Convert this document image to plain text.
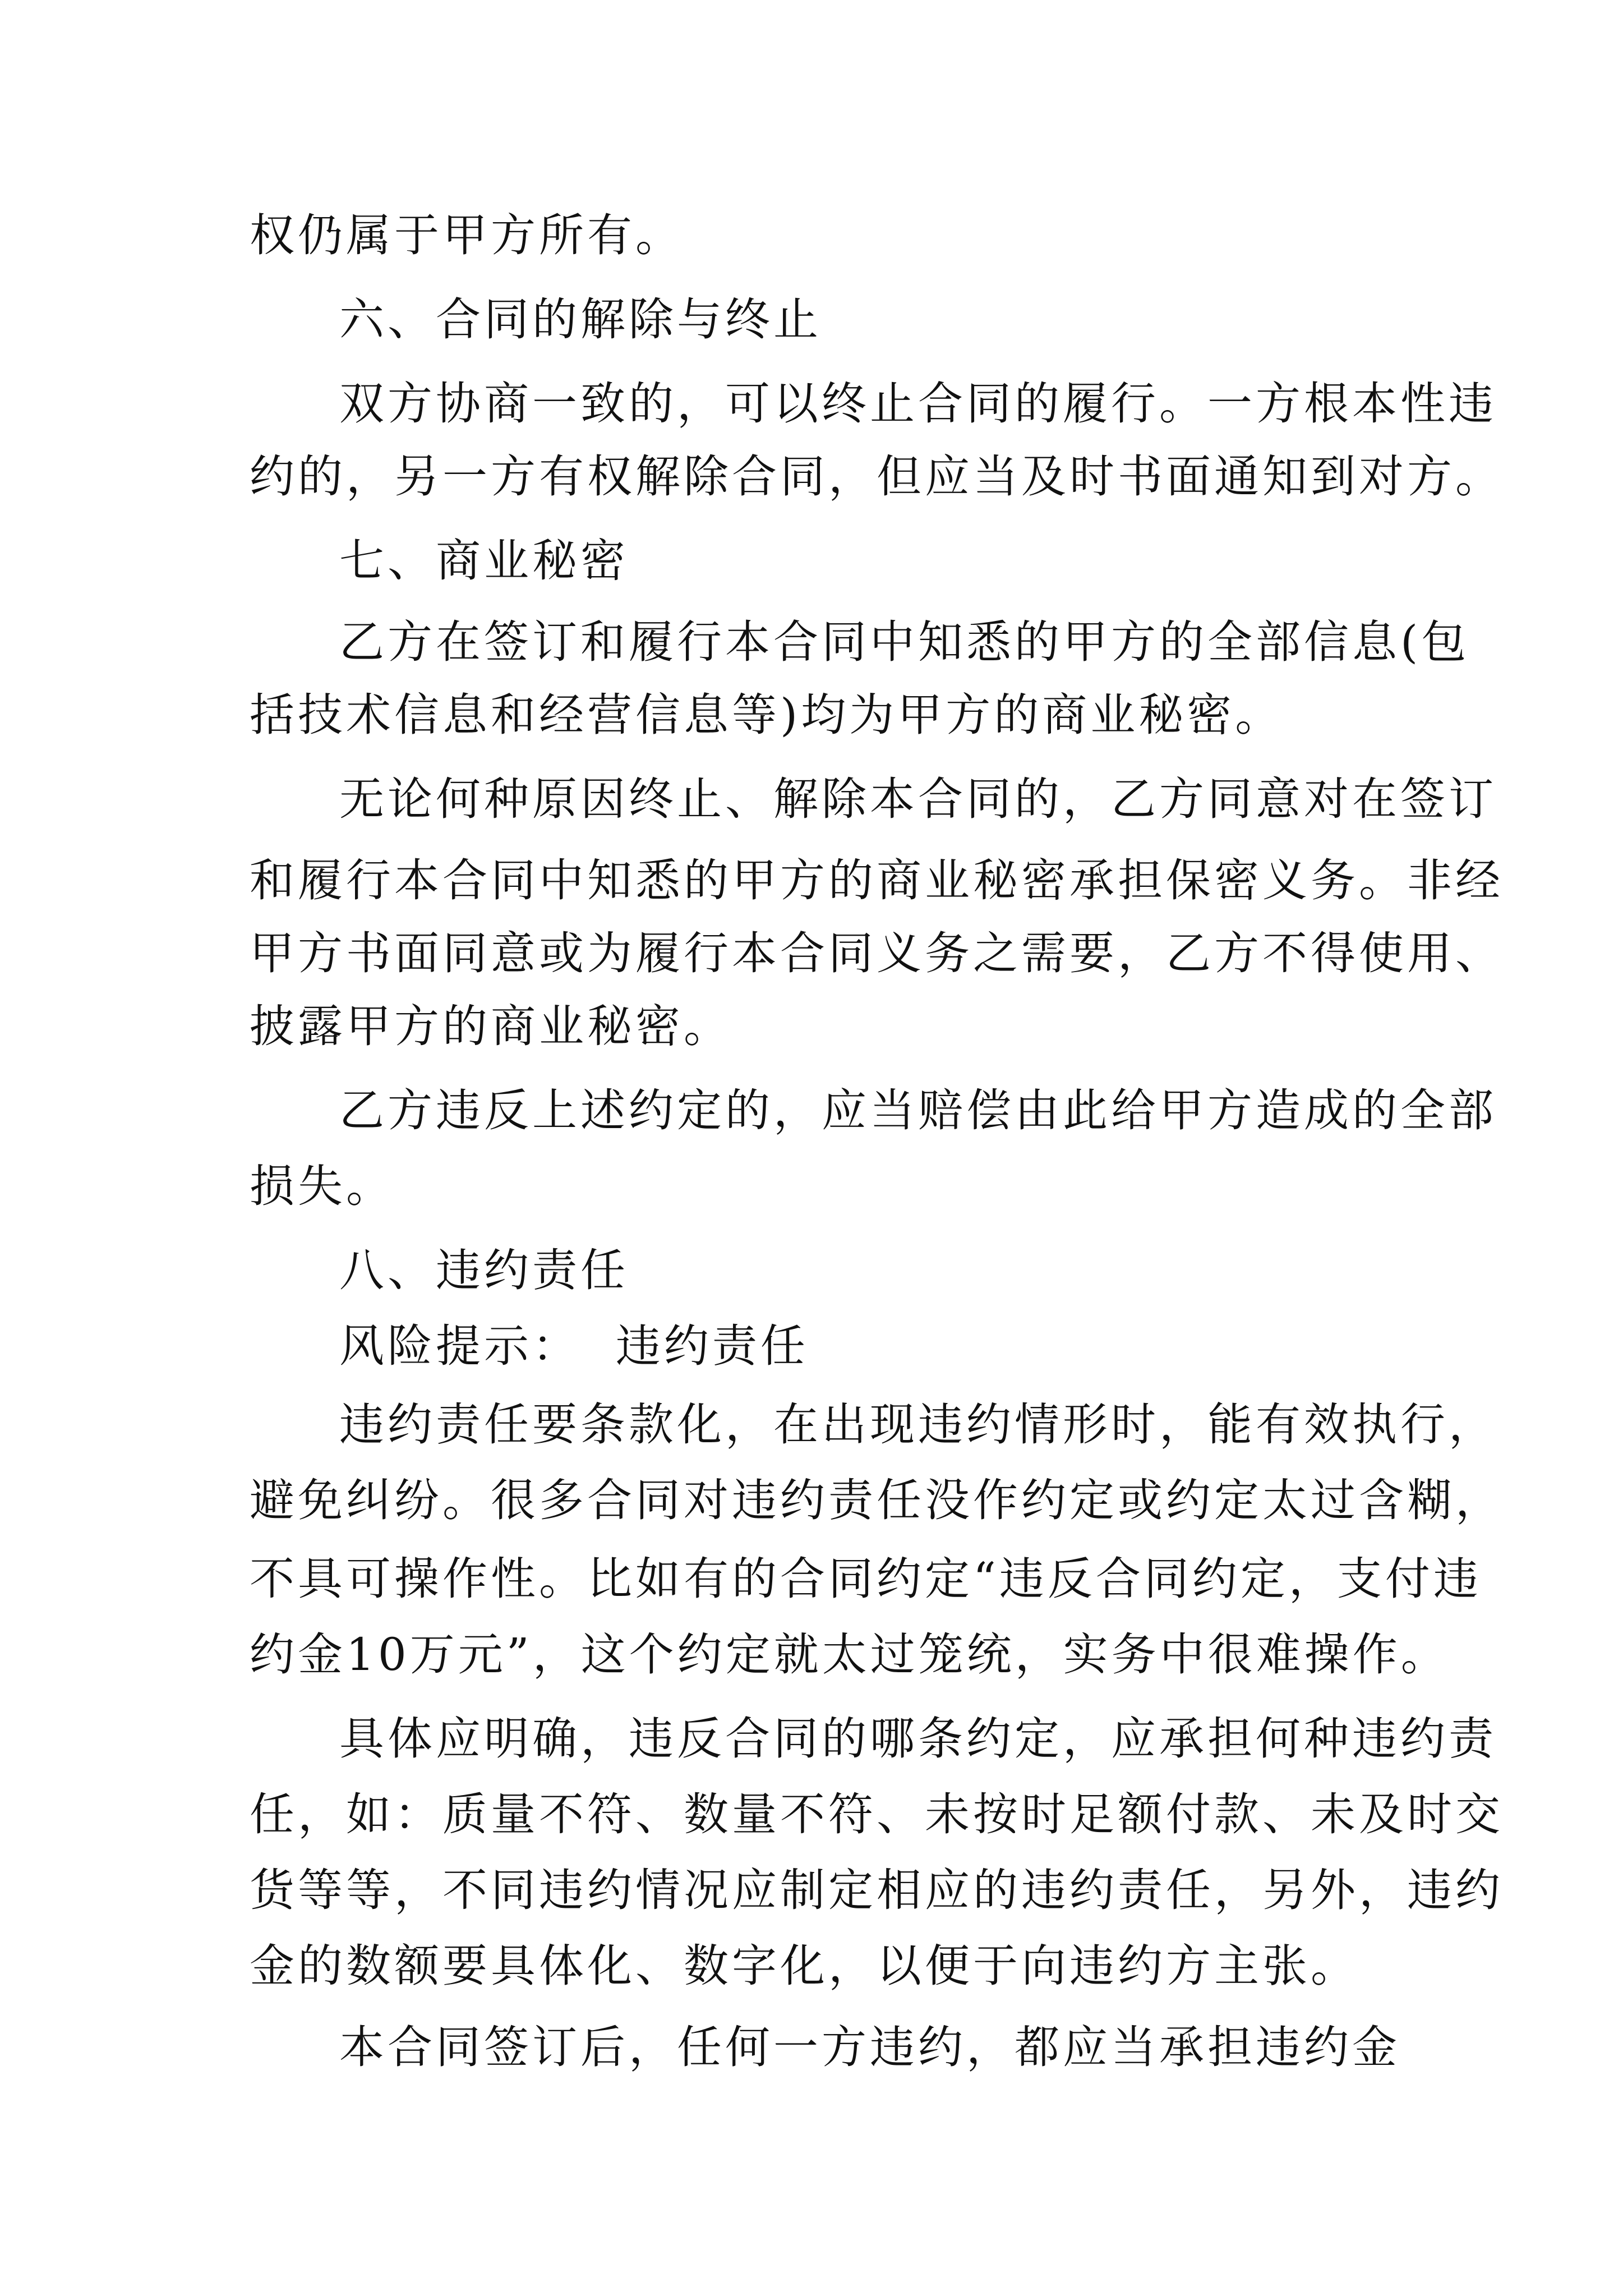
权仍属于甲方所有。
六、合同的解除与终止
双方协商一致的，可以终止合同的履行。一方根本性违
约的，另一方有权解除合同，但应当及时书面通知到对方。
七、商业秘密
乙方在签订和履行本合同中知悉的甲方的全部信息(包
括技术信息和经营信息等)均为甲方的商业秘密。
无论何种原因终止、解除本合同的，乙方同意对在签订
和履行本合同中知悉的甲方的商业秘密承担保密义务。非经
甲方书面同意或为履行本合同义务之需要，乙方不得使用、
披露甲方的商业秘密。
乙方违反上述约定的，应当赔偿由此给甲方造成的全部
损失。
八、违约责任
风险提示：  违约责任
违约责任要条款化，在出现违约情形时，能有效执行，
避免纠纷。很多合同对违约责任没作约定或约定太过含糊，
不具可操作性。比如有的合同约定“违反合同约定，支付违
约金10万元”，这个约定就太过笼统，实务中很难操作。
具体应明确，违反合同的哪条约定，应承担何种违约责
任，如：质量不符、数量不符、未按时足额付款、未及时交
货等等，不同违约情况应制定相应的违约责任，另外，违约
金的数额要具体化、数字化，以便于向违约方主张。
本合同签订后，任何一方违约，都应当承担违约金
